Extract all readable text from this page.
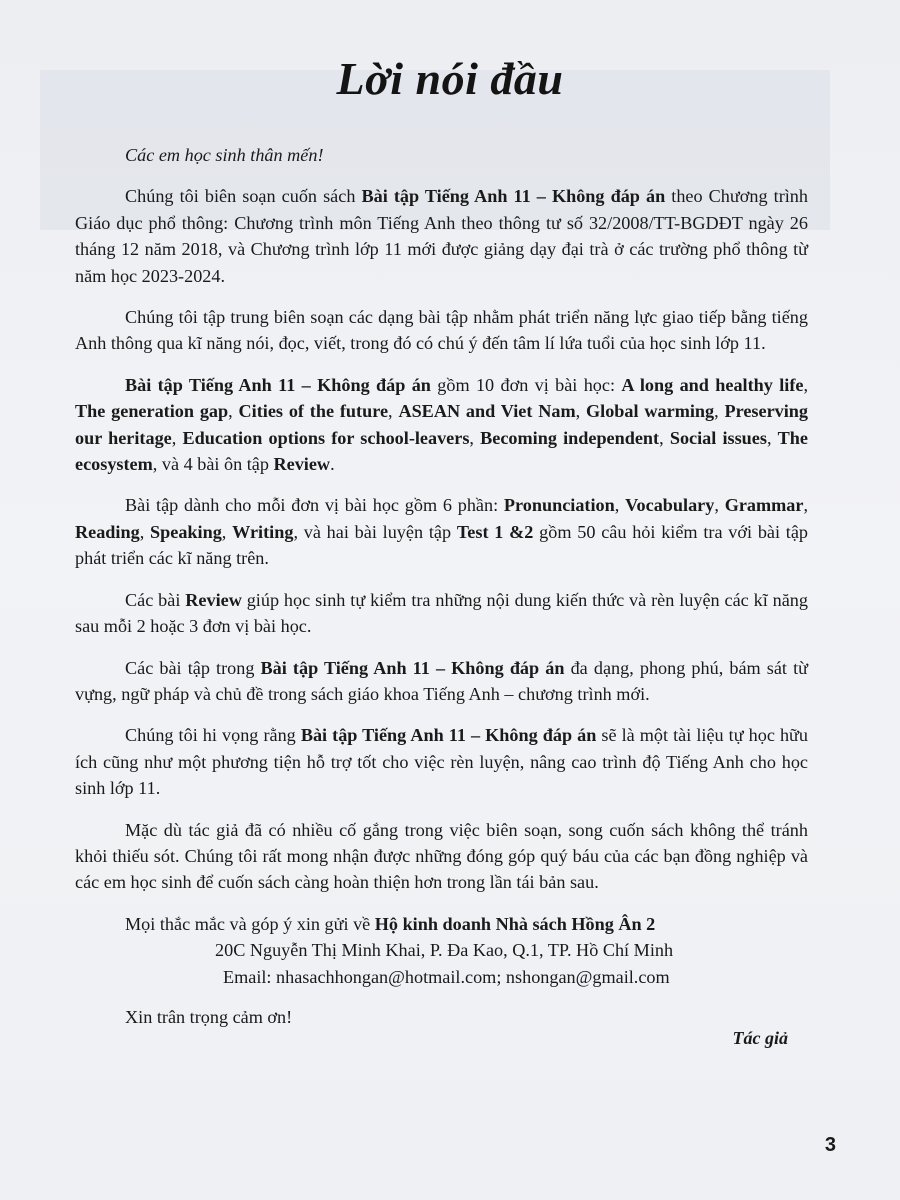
Lời nói đầu

Các em học sinh thân mến!

Chúng tôi biên soạn cuốn sách Bài tập Tiếng Anh 11 – Không đáp án theo Chương trình Giáo dục phổ thông: Chương trình môn Tiếng Anh theo thông tư số 32/2008/TT-BGDĐT ngày 26 tháng 12 năm 2018, và Chương trình lớp 11 mới được giảng dạy đại trà ở các trường phổ thông từ năm học 2023-2024.

Chúng tôi tập trung biên soạn các dạng bài tập nhằm phát triển năng lực giao tiếp bằng tiếng Anh thông qua kĩ năng nói, đọc, viết, trong đó có chú ý đến tâm lí lứa tuổi của học sinh lớp 11.

Bài tập Tiếng Anh 11 – Không đáp án gồm 10 đơn vị bài học: A long and healthy life, The generation gap, Cities of the future, ASEAN and Viet Nam, Global warming, Preserving our heritage, Education options for school-leavers, Becoming independent, Social issues, The ecosystem, và 4 bài ôn tập Review.

Bài tập dành cho mỗi đơn vị bài học gồm 6 phần: Pronunciation, Vocabulary, Grammar, Reading, Speaking, Writing, và hai bài luyện tập Test 1 &2 gồm 50 câu hỏi kiểm tra với bài tập phát triển các kĩ năng trên.

Các bài Review giúp học sinh tự kiểm tra những nội dung kiến thức và rèn luyện các kĩ năng sau mỗi 2 hoặc 3 đơn vị bài học.

Các bài tập trong Bài tập Tiếng Anh 11 – Không đáp án đa dạng, phong phú, bám sát từ vựng, ngữ pháp và chủ đề trong sách giáo khoa Tiếng Anh – chương trình mới.

Chúng tôi hi vọng rằng Bài tập Tiếng Anh 11 – Không đáp án sẽ là một tài liệu tự học hữu ích cũng như một phương tiện hỗ trợ tốt cho việc rèn luyện, nâng cao trình độ Tiếng Anh cho học sinh lớp 11.

Mặc dù tác giả đã có nhiều cố gắng trong việc biên soạn, song cuốn sách không thể tránh khỏi thiếu sót. Chúng tôi rất mong nhận được những đóng góp quý báu của các bạn đồng nghiệp và các em học sinh để cuốn sách càng hoàn thiện hơn trong lần tái bản sau.

Mọi thắc mắc và góp ý xin gửi về Hộ kinh doanh Nhà sách Hồng Ân 2
20C Nguyễn Thị Minh Khai, P. Đa Kao, Q.1, TP. Hồ Chí Minh
Email: nhasachhongan@hotmail.com; nshongan@gmail.com

Xin trân trọng cảm ơn!

Tác giả
3
